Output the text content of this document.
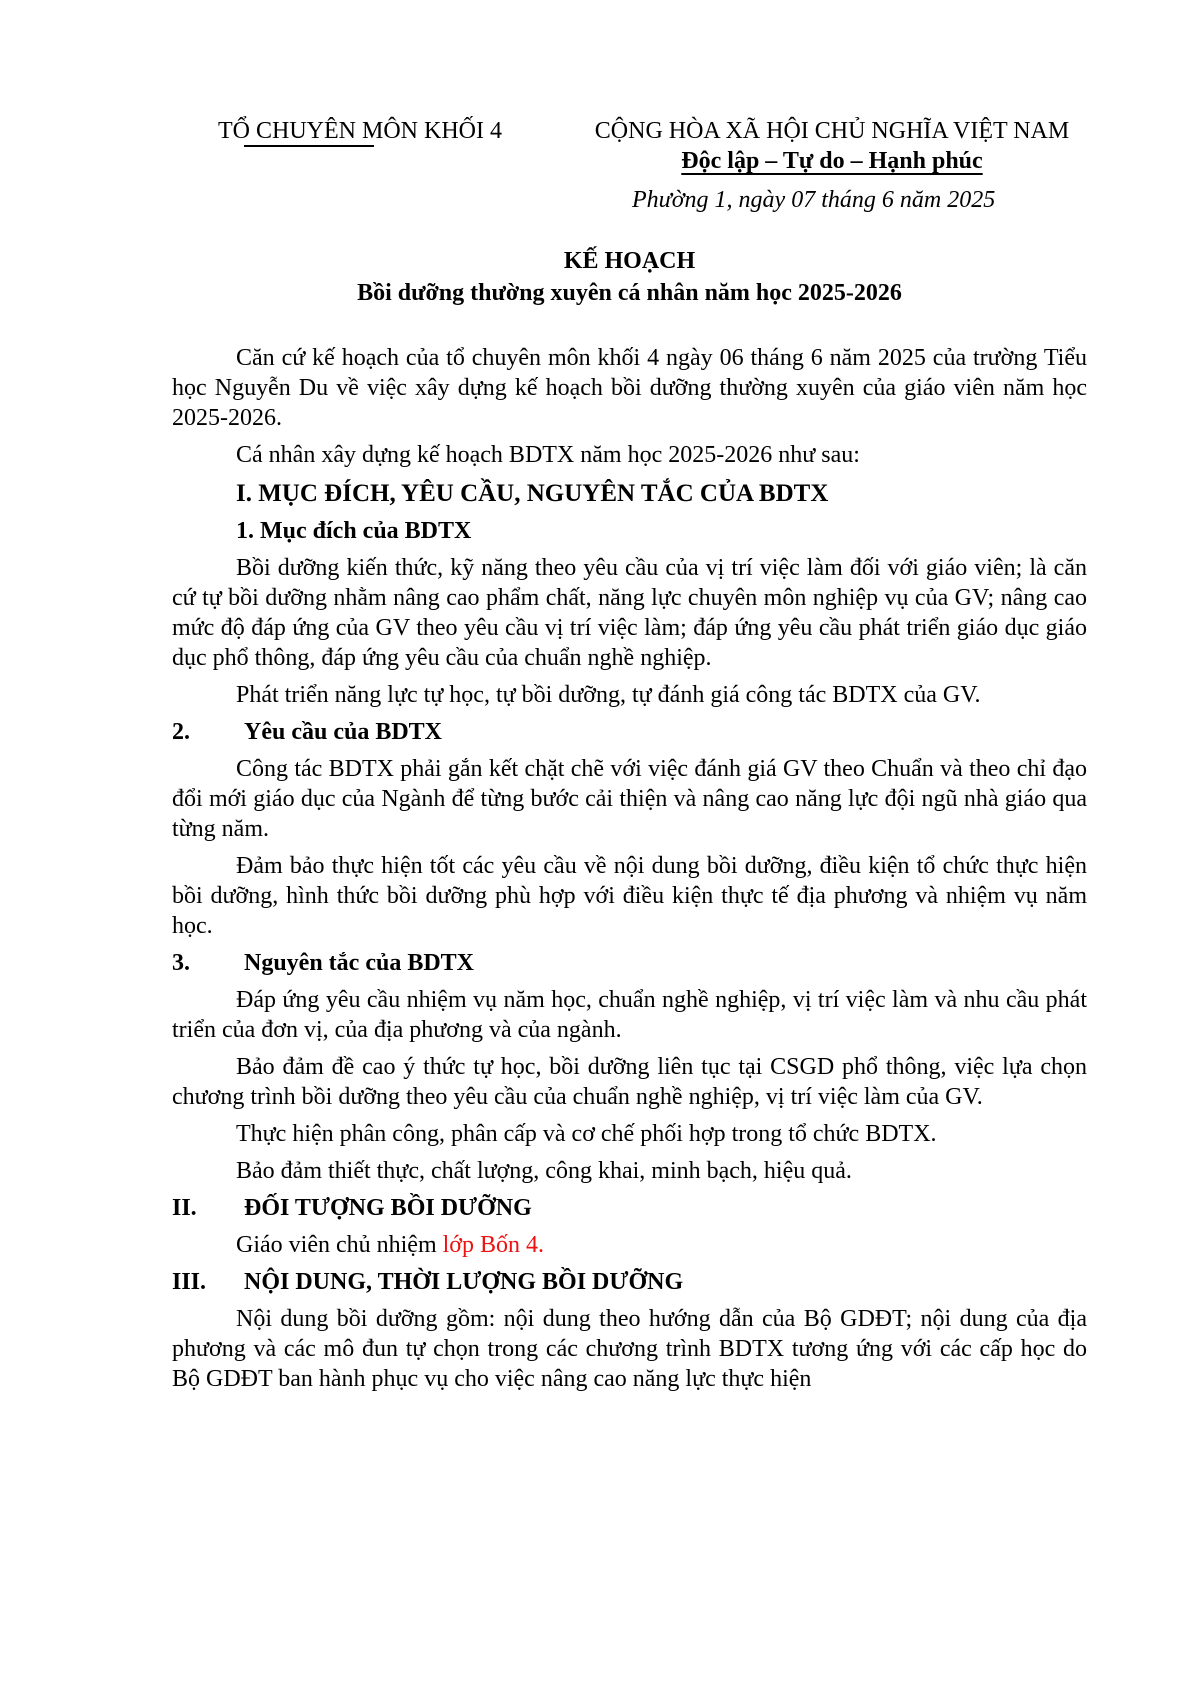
TỔ CHUYÊN MÔN KHỐI 4	CỘNG HÒA XÃ HỘI CHỦ NGHĨA VIỆT NAM
Độc lập – Tự do – Hạnh phúc
Phường 1, ngày 07 tháng 6 năm 2025
KẾ HOẠCH
Bồi dưỡng thường xuyên cá nhân năm học 2025-2026

Căn cứ kế hoạch của tổ chuyên môn khối 4 ngày 06 tháng 6 năm 2025 của trường Tiểu học Nguyễn Du về việc xây dựng kế hoạch bồi dưỡng thường xuyên của giáo viên năm học 2025-2026.

Cá nhân xây dựng kế hoạch BDTX năm học 2025-2026 như sau:

I. MỤC ĐÍCH, YÊU CẦU, NGUYÊN TẮC CỦA BDTX

1. Mục đích của BDTX

Bồi dưỡng kiến thức, kỹ năng theo yêu cầu của vị trí việc làm đối với giáo viên; là căn cứ tự bồi dưỡng nhằm nâng cao phẩm chất, năng lực chuyên môn nghiệp vụ của GV; nâng cao mức độ đáp ứng của GV theo yêu cầu vị trí việc làm; đáp ứng yêu cầu phát triển giáo dục giáo dục phổ thông, đáp ứng yêu cầu của chuẩn nghề nghiệp.

Phát triển năng lực tự học, tự bồi dưỡng, tự đánh giá công tác BDTX của GV.

2.	Yêu cầu của BDTX

Công tác BDTX phải gắn kết chặt chẽ với việc đánh giá GV theo Chuẩn và theo chỉ đạo đổi mới giáo dục của Ngành để từng bước cải thiện và nâng cao năng lực đội ngũ nhà giáo qua từng năm.

Đảm bảo thực hiện tốt các yêu cầu về nội dung bồi dưỡng, điều kiện tổ chức thực hiện bồi dưỡng, hình thức bồi dưỡng phù hợp với điều kiện thực tế địa phương và nhiệm vụ năm học.

3.	Nguyên tắc của BDTX

Đáp ứng yêu cầu nhiệm vụ năm học, chuẩn nghề nghiệp, vị trí việc làm và nhu cầu phát triển của đơn vị, của địa phương và của ngành.

Bảo đảm đề cao ý thức tự học, bồi dưỡng liên tục tại CSGD phổ thông, việc lựa chọn chương trình bồi dưỡng theo yêu cầu của chuẩn nghề nghiệp, vị trí việc làm của GV.

Thực hiện phân công, phân cấp và cơ chế phối hợp trong tổ chức BDTX.

Bảo đảm thiết thực, chất lượng, công khai, minh bạch, hiệu quả.

II.	ĐỐI TƯỢNG BỒI DƯỠNG

Giáo viên chủ nhiệm lớp Bốn 4.

III.	NỘI DUNG, THỜI LƯỢNG BỒI DƯỠNG

Nội dung bồi dưỡng gồm: nội dung theo hướng dẫn của Bộ GDĐT; nội dung của địa phương và các mô đun tự chọn trong các chương trình BDTX tương ứng với các cấp học do Bộ GDĐT ban hành phục vụ cho việc nâng cao năng lực thực hiện
